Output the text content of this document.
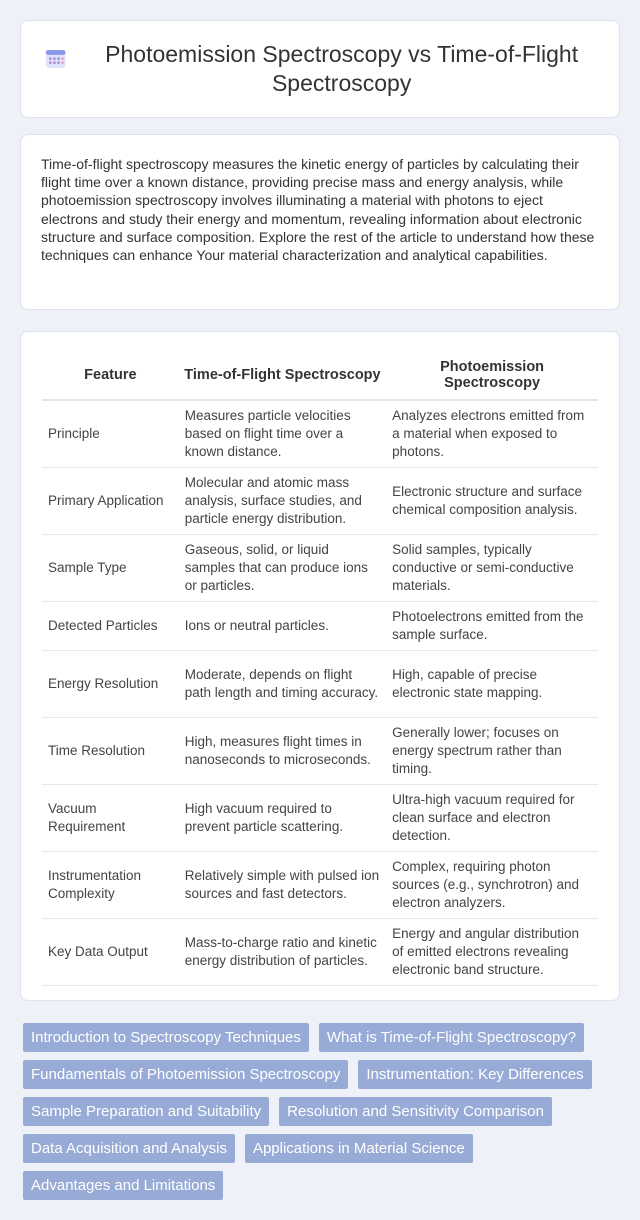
Photoemission Spectroscopy vs Time-of-Flight Spectroscopy

Time-of-flight spectroscopy measures the kinetic energy of particles by calculating their flight time over a known distance, providing precise mass and energy analysis, while photoemission spectroscopy involves illuminating a material with photons to eject electrons and study their energy and momentum, revealing information about electronic structure and surface composition. Explore the rest of the article to understand how these techniques can enhance Your material characterization and analytical capabilities.

Feature	Time-of-Flight Spectroscopy	Photoemission Spectroscopy
Principle	Measures particle velocities based on flight time over a known distance.	Analyzes electrons emitted from a material when exposed to photons.
Primary Application	Molecular and atomic mass analysis, surface studies, and particle energy distribution.	Electronic structure and surface chemical composition analysis.
Sample Type	Gaseous, solid, or liquid samples that can produce ions or particles.	Solid samples, typically conductive or semi-conductive materials.
Detected Particles	Ions or neutral particles.	Photoelectrons emitted from the sample surface.
Energy Resolution	Moderate, depends on flight path length and timing accuracy.	High, capable of precise electronic state mapping.
Time Resolution	High, measures flight times in nanoseconds to microseconds.	Generally lower; focuses on energy spectrum rather than timing.
Vacuum Requirement	High vacuum required to prevent particle scattering.	Ultra-high vacuum required for clean surface and electron detection.
Instrumentation Complexity	Relatively simple with pulsed ion sources and fast detectors.	Complex, requiring photon sources (e.g., synchrotron) and electron analyzers.
Key Data Output	Mass-to-charge ratio and kinetic energy distribution of particles.	Energy and angular distribution of emitted electrons revealing electronic band structure.
Introduction to Spectroscopy Techniques	What is Time-of-Flight Spectroscopy?
Fundamentals of Photoemission Spectroscopy	Instrumentation: Key Differences
Sample Preparation and Suitability	Resolution and Sensitivity Comparison
Data Acquisition and Analysis	Applications in Material Science
Advantages and Limitations
